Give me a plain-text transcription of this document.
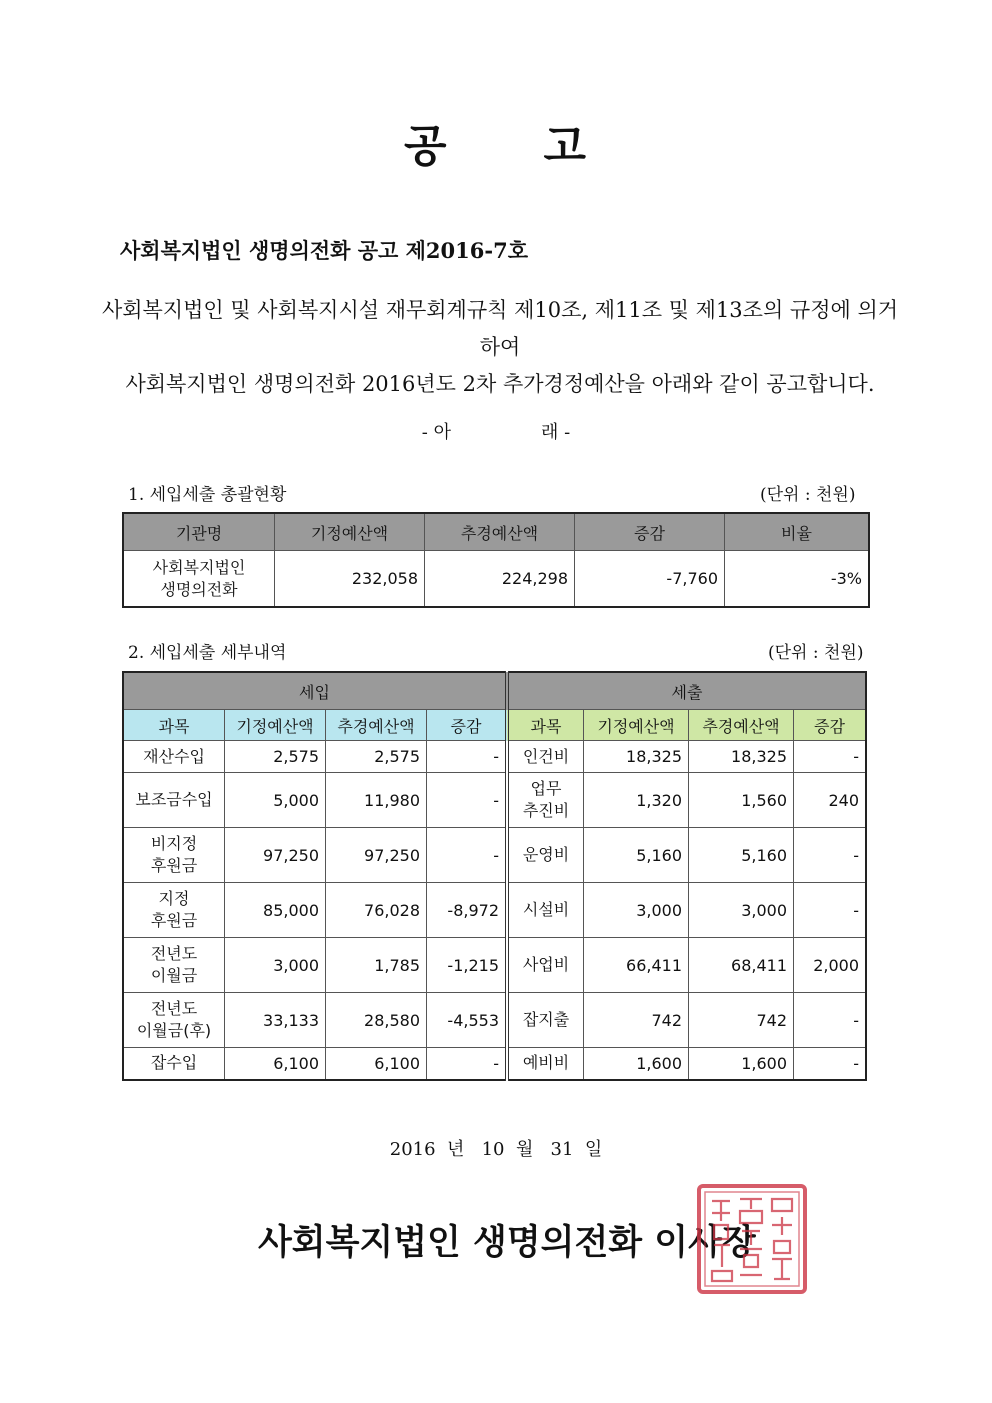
공 고
사회복지법인 생명의전화 공고 제2016-7호
사회복지법인 및 사회복지시설 재무회계규칙 제10조, 제11조 및 제13조의 규정에 의거하여
사회복지법인 생명의전화 2016년도 2차 추가경정예산을 아래와 같이 공고합니다.
- 아	래 -
1. 세입세출 총괄현황	(단위 : 천원)
기관명	기정예산액	추경예산액	증감	비율

사회복지법인
생명의전화	232,058	224,298	-7,760	-3%
2. 세입세출 세부내역	(단위 : 천원)
세입				세출			
과목	기정예산액	추경예산액	증감	과목	기정예산액	추경예산액	증감
재산수입	2,575	2,575	-	인건비	18,325	18,325	-
보조금수입	5,000	11,980	-	업무
추진비	1,320	1,560	240
비지정
후원금	97,250	97,250	-	운영비	5,160	5,160	-
지정
후원금	85,000	76,028	-8,972	시설비	3,000	3,000	-
전년도
이월금	3,000	1,785	-1,215	사업비	66,411	68,411	2,000
전년도
이월금(후)	33,133	28,580	-4,553	잡지출	742	742	-
잡수입	6,100	6,100	-	예비비	1,600	1,600	-
2016 년 10 월 31 일
사회복지법인 생명의전화 이사장
